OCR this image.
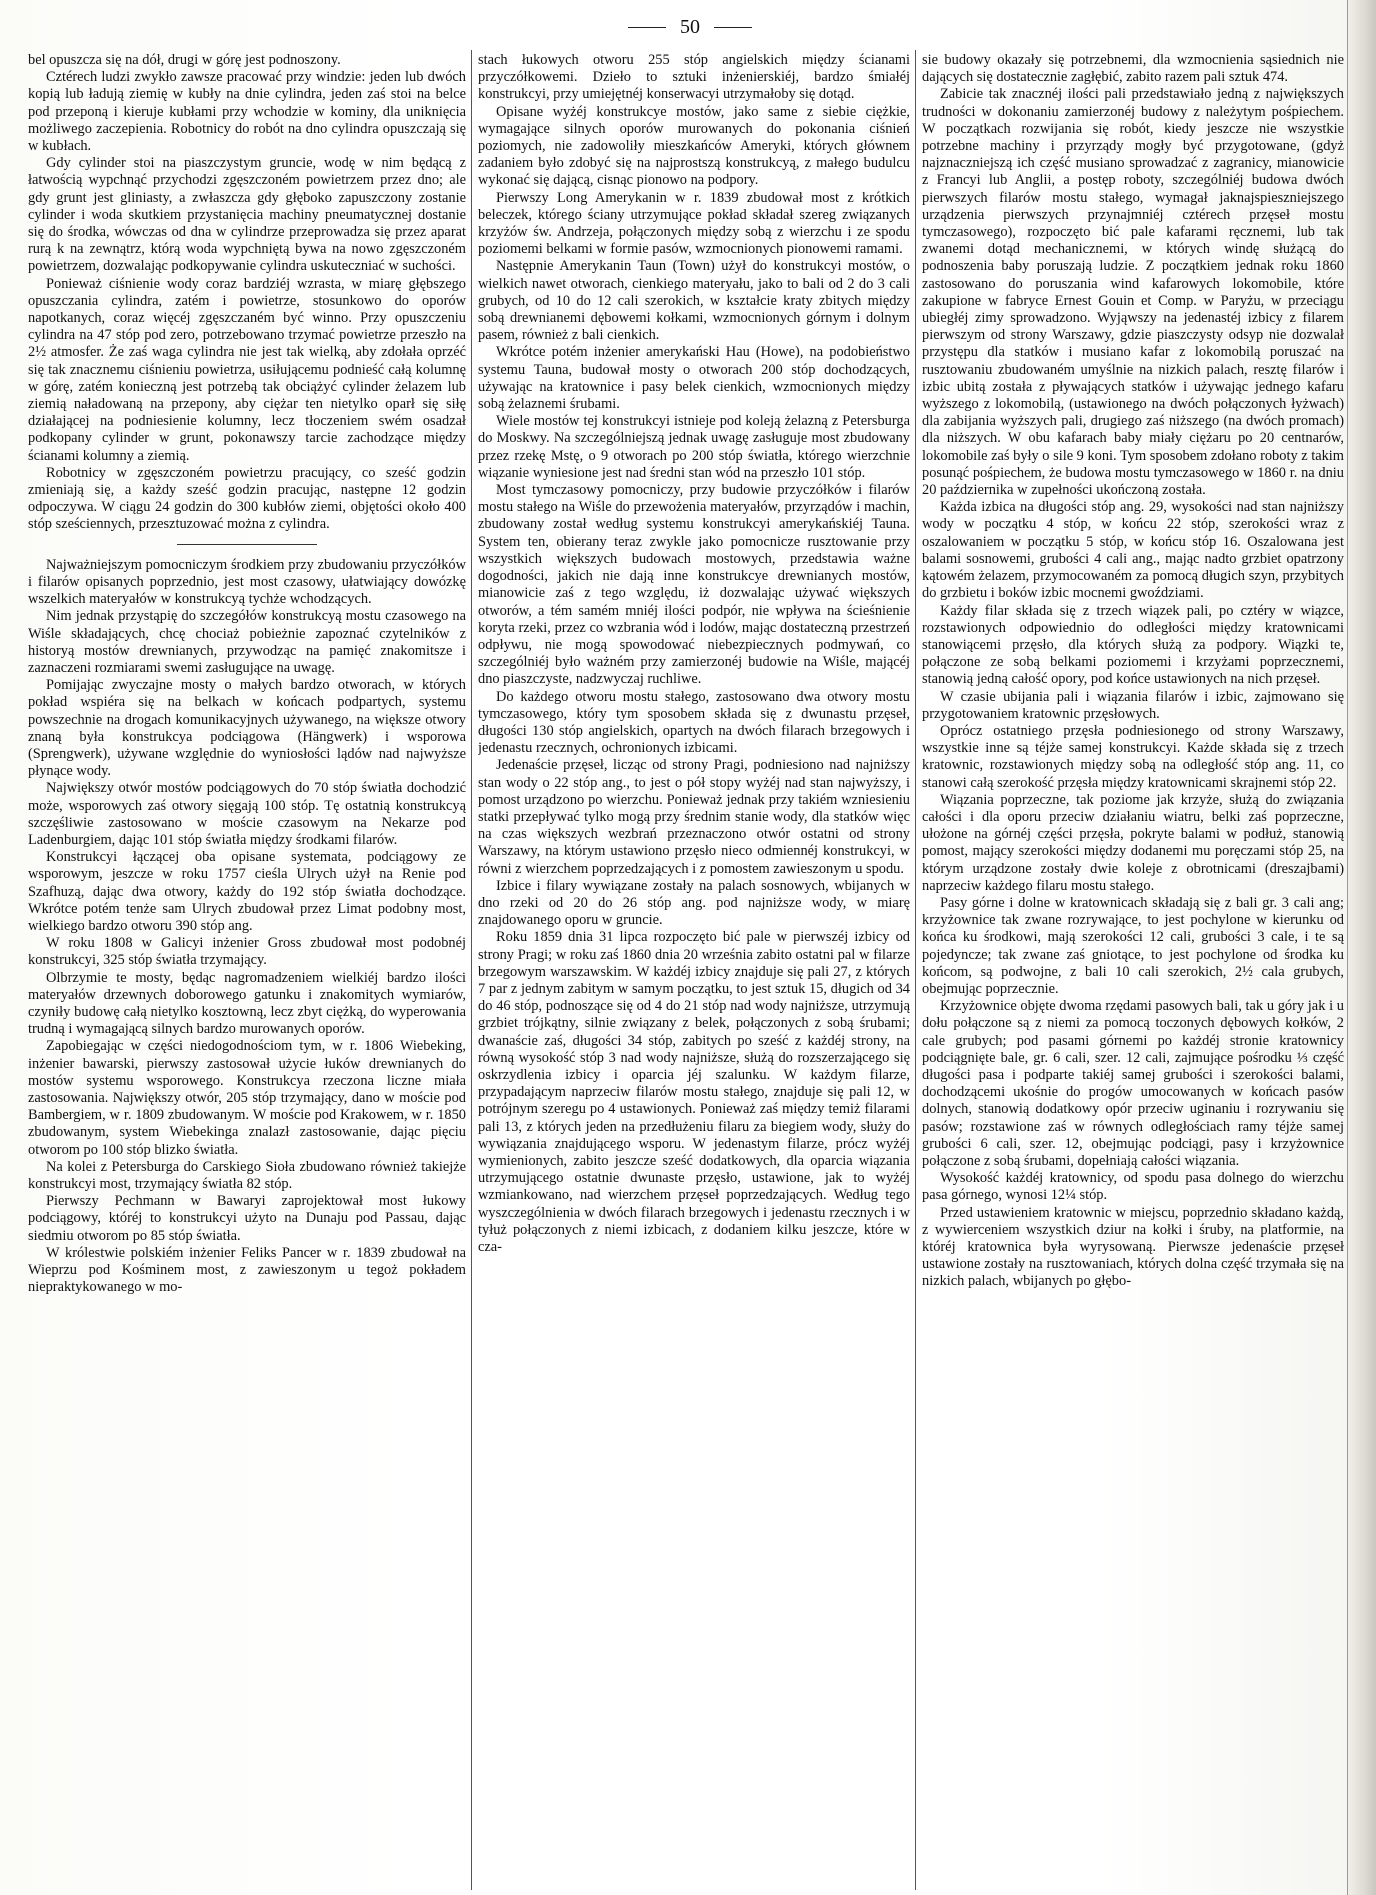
50

bel opuszcza się na dół, drugi w górę jest podnoszony.

Cztérech ludzi zwykło zawsze pracować przy windzie: jeden lub dwóch kopią lub ładują ziemię w kubły na dnie cylindra, jeden zaś stoi na belce pod przeponą i kieruje kubłami przy wchodzie w kominy, dla uniknięcia możliwego zaczepienia. Robotnicy do robót na dno cylindra opuszczają się w kubłach.

Gdy cylinder stoi na piaszczystym gruncie, wodę w nim będącą z łatwością wypchnąć przychodzi zgęszczoném powietrzem przez dno; ale gdy grunt jest gliniasty, a zwłaszcza gdy głęboko zapuszczony zostanie cylinder i woda skutkiem przystanięcia machiny pneumatycznej dostanie się do środka, wówczas od dna w cylindrze przeprowadza się przez aparat rurą k na zewnątrz, którą woda wypchniętą bywa na nowo zgęszczoném powietrzem, dozwalając podkopywanie cylindra uskuteczniać w suchości.

Ponieważ ciśnienie wody coraz bardziéj wzrasta, w miarę głębszego opuszczania cylindra, zatém i powietrze, stosunkowo do oporów napotkanych, coraz więcéj zgęszczaném być winno. Przy opuszczeniu cylindra na 47 stóp pod zero, potrzebowano trzymać powietrze przeszło na 2½ atmosfer. Że zaś waga cylindra nie jest tak wielką, aby zdołała oprzéć się tak znacznemu ciśnieniu powietrza, usiłującemu podnieść całą kolumnę w górę, zatém konieczną jest potrzebą tak obciążyć cylinder żelazem lub ziemią naładowaną na przepony, aby ciężar ten nietylko oparł się siłę działającej na podniesienie kolumny, lecz tłoczeniem swém osadzał podkopany cylinder w grunt, pokonawszy tarcie zachodzące między ścianami kolumny a ziemią.

Robotnicy w zgęszczoném powietrzu pracujący, co sześć godzin zmieniają się, a każdy sześć godzin pracując, następne 12 godzin odpoczywa. W ciągu 24 godzin do 300 kubłów ziemi, objętości około 400 stóp sześciennych, przesztuzować można z cylindra.

Najważniejszym pomocniczym środkiem przy zbudowaniu przyczółków i filarów opisanych poprzednio, jest most czasowy, ułatwiający dowózkę wszelkich materyałów w konstrukcyą tychże wchodzących.

Nim jednak przystąpię do szczegółów konstrukcyą mostu czasowego na Wiśle składających, chcę chociaż pobieżnie zapoznać czytelników z historyą mostów drewnianych, przywodząc na pamięć znakomitsze i zaznaczeni rozmiarami swemi zasługujące na uwagę.

Pomijając zwyczajne mosty o małych bardzo otworach, w których pokład wspiéra się na belkach w końcach podpartych, systemu powszechnie na drogach komunikacyjnych używanego, na większe otwory znaną była konstrukcya podciągowa (Hängwerk) i wsporowa (Sprengwerk), używane względnie do wyniosłości lądów nad najwyższe płynące wody.

Największy otwór mostów podciągowych do 70 stóp światła dochodzić może, wsporowych zaś otwory sięgają 100 stóp. Tę ostatnią konstrukcyą szczęśliwie zastosowano w moście czasowym na Nekarze pod Ladenburgiem, dając 101 stóp światła między środkami filarów.

Konstrukcyi łączącej oba opisane systemata, podciągowy ze wsporowym, jeszcze w roku 1757 cieśla Ulrych użył na Renie pod Szafhuzą, dając dwa otwory, każdy do 192 stóp światła dochodzące. Wkrótce potém tenże sam Ulrych zbudował przez Limat podobny most, wielkiego bardzo otworu 390 stóp ang.

W roku 1808 w Galicyi inżenier Gross zbudował most podobnéj konstrukcyi, 325 stóp światła trzymający.

Olbrzymie te mosty, będąc nagromadzeniem wielkiéj bardzo ilości materyałów drzewnych doborowego gatunku i znakomitych wymiarów, czyniły budowę całą nietylko kosztowną, lecz zbyt ciężką, do wyperowania trudną i wymagającą silnych bardzo murowanych oporów.

Zapobiegając w części niedogodnościom tym, w r. 1806 Wiebeking, inżenier bawarski, pierwszy zastosował użycie łuków drewnianych do mostów systemu wsporowego. Konstrukcya rzeczona liczne miała zastosowania. Największy otwór, 205 stóp trzymający, dano w moście pod Bambergiem, w r. 1809 zbudowanym. W moście pod Krakowem, w r. 1850 zbudowanym, system Wiebekinga znalazł zastosowanie, dając pięciu otworom po 100 stóp blizko światła.

Na kolei z Petersburga do Carskiego Sioła zbudowano również takiejże konstrukcyi most, trzymający światła 82 stóp.

Pierwszy Pechmann w Bawaryi zaprojektował most łukowy podciągowy, któréj to konstrukcyi użyto na Dunaju pod Passau, dając siedmiu otworom po 85 stóp światła.

W królestwie polskiém inżenier Feliks Pancer w r. 1839 zbudował na Wieprzu pod Kośminem most, z zawieszonym u tegoż pokładem niepraktykowanego w mo-

stach łukowych otworu 255 stóp angielskich między ścianami przyczółkowemi. Dzieło to sztuki inżenierskiéj, bardzo śmiałéj konstrukcyi, przy umiejętnéj konserwacyi utrzymałoby się dotąd.

Opisane wyżéj konstrukcye mostów, jako same z siebie ciężkie, wymagające silnych oporów murowanych do pokonania ciśnień poziomych, nie zadowoliły mieszkańców Ameryki, których głównem zadaniem było zdobyć się na najprostszą konstrukcyą, z małego budulcu wykonać się dającą, cisnąc pionowo na podpory.

Pierwszy Long Amerykanin w r. 1839 zbudował most z krótkich beleczek, którego ściany utrzymujące pokład składał szereg związanych krzyżów św. Andrzeja, połączonych między sobą z wierzchu i ze spodu poziomemi belkami w formie pasów, wzmocnionych pionowemi ramami.

Następnie Amerykanin Taun (Town) użył do konstrukcyi mostów, o wielkich nawet otworach, cienkiego materyału, jako to bali od 2 do 3 cali grubych, od 10 do 12 cali szerokich, w kształcie kraty zbitych między sobą drewnianemi dębowemi kołkami, wzmocnionych górnym i dolnym pasem, również z bali cienkich.

Wkrótce potém inżenier amerykański Hau (Howe), na podobieństwo systemu Tauna, budował mosty o otworach 200 stóp dochodzących, używając na kratownice i pasy belek cienkich, wzmocnionych między sobą żelaznemi śrubami.

Wiele mostów tej konstrukcyi istnieje pod koleją żelazną z Petersburga do Moskwy. Na szczególniejszą jednak uwagę zasługuje most zbudowany przez rzekę Mstę, o 9 otworach po 200 stóp światła, którego wierzchnie wiązanie wyniesione jest nad średni stan wód na przeszło 101 stóp.

Most tymczasowy pomocniczy, przy budowie przyczółków i filarów mostu stałego na Wiśle do przewożenia materyałów, przyrządów i machin, zbudowany został według systemu konstrukcyi amerykańskiéj Tauna. System ten, obierany teraz zwykle jako pomocnicze rusztowanie przy wszystkich większych budowach mostowych, przedstawia ważne dogodności, jakich nie dają inne konstrukcye drewnianych mostów, mianowicie zaś z tego względu, iż dozwalając używać większych otworów, a tém samém mniéj ilości podpór, nie wpływa na ścieśnienie koryta rzeki, przez co wzbrania wód i lodów, mając dostateczną przestrzeń odpływu, nie mogą spowodować niebezpiecznych podmywań, co szczególniéj było ważném przy zamierzonéj budowie na Wiśle, mającéj dno piaszczyste, nadzwyczaj ruchliwe.

Do każdego otworu mostu stałego, zastosowano dwa otwory mostu tymczasowego, który tym sposobem składa się z dwunastu przęseł, długości 130 stóp angielskich, opartych na dwóch filarach brzegowych i jedenastu rzecznych, ochronionych izbicami.

Jedenaście przęseł, licząc od strony Pragi, podniesiono nad najniższy stan wody o 22 stóp ang., to jest o pół stopy wyżéj nad stan najwyższy, i pomost urządzono po wierzchu. Ponieważ jednak przy takiém wzniesieniu statki przepływać tylko mogą przy średnim stanie wody, dla statków więc na czas większych wezbrań przeznaczono otwór ostatni od strony Warszawy, na którym ustawiono przęsło nieco odmiennéj konstrukcyi, w równi z wierzchem poprzedzających i z pomostem zawieszonym u spodu.

Izbice i filary wywiązane zostały na palach sosnowych, wbijanych w dno rzeki od 20 do 26 stóp ang. pod najniższe wody, w miarę znajdowanego oporu w gruncie.

Roku 1859 dnia 31 lipca rozpoczęto bić pale w pierwszéj izbicy od strony Pragi; w roku zaś 1860 dnia 20 września zabito ostatni pal w filarze brzegowym warszawskim. W każdéj izbicy znajduje się pali 27, z których 7 par z jednym zabitym w samym początku, to jest sztuk 15, długich od 34 do 46 stóp, podnoszące się od 4 do 21 stóp nad wody najniższe, utrzymują grzbiet trójkątny, silnie związany z belek, połączonych z sobą śrubami; dwanaście zaś, długości 34 stóp, zabitych po sześć z każdéj strony, na równą wysokość stóp 3 nad wody najniższe, służą do rozszerzającego się oskrzydlenia izbicy i oparcia jéj szalunku. W każdym filarze, przypadającym naprzeciw filarów mostu stałego, znajduje się pali 12, w potrójnym szeregu po 4 ustawionych. Ponieważ zaś między temiż filarami pali 13, z których jeden na przedłużeniu filaru za biegiem wody, służy do wywiązania znajdującego wsporu. W jedenastym filarze, prócz wyżéj wymienionych, zabito jeszcze sześć dodatkowych, dla oparcia wiązania utrzymującego ostatnie dwunaste przęsło, ustawione, jak to wyżéj wzmiankowano, nad wierzchem przęseł poprzedzających. Według tego wyszczególnienia w dwóch filarach brzegowych i jedenastu rzecznych i w tyłuż połączonych z niemi izbicach, z dodaniem kilku jeszcze, które w cza-

sie budowy okazały się potrzebnemi, dla wzmocnienia sąsiednich nie dających się dostatecznie zagłębić, zabito razem pali sztuk 474.

Zabicie tak znacznéj ilości pali przedstawiało jedną z największych trudności w dokonaniu zamierzonéj budowy z należytym pośpiechem. W początkach rozwijania się robót, kiedy jeszcze nie wszystkie potrzebne machiny i przyrządy mogły być przygotowane, (gdyż najznaczniejszą ich część musiano sprowadzać z zagranicy, mianowicie z Francyi lub Anglii, a postęp roboty, szczególniéj budowa dwóch pierwszych filarów mostu stałego, wymagał jaknajspieszniejszego urządzenia pierwszych przynajmniéj cztérech przęseł mostu tymczasowego), rozpoczęto bić pale kafarami ręcznemi, lub tak zwanemi dotąd mechanicznemi, w których windę służącą do podnoszenia baby poruszają ludzie. Z początkiem jednak roku 1860 zastosowano do poruszania wind kafarowych lokomobile, które zakupione w fabryce Ernest Gouin et Comp. w Paryżu, w przeciągu ubiegłéj zimy sprowadzono. Wyjąwszy na jedenastéj izbicy z filarem pierwszym od strony Warszawy, gdzie piaszczysty odsyp nie dozwalał przystępu dla statków i musiano kafar z lokomobilą poruszać na rusztowaniu zbudowaném umyślnie na nizkich palach, resztę filarów i izbic ubitą została z pływających statków i używając jednego kafaru wyższego z lokomobilą, (ustawionego na dwóch połączonych łyżwach) dla zabijania wyższych pali, drugiego zaś niższego (na dwóch promach) dla niższych. W obu kafarach baby miały ciężaru po 20 centnarów, lokomobile zaś były o sile 9 koni. Tym sposobem zdołano roboty z takim posunąć pośpiechem, że budowa mostu tymczasowego w 1860 r. na dniu 20 października w zupełności ukończoną została.

Każda izbica na długości stóp ang. 29, wysokości nad stan najniższy wody w początku 4 stóp, w końcu 22 stóp, szerokości wraz z oszalowaniem w początku 5 stóp, w końcu stóp 16. Oszalowana jest balami sosnowemi, grubości 4 cali ang., mając nadto grzbiet opatrzony kątowém żelazem, przymocowaném za pomocą długich szyn, przybitych do grzbietu i boków izbic mocnemi gwoździami.

Każdy filar składa się z trzech wiązek pali, po cztéry w wiązce, rozstawionych odpowiednio do odległości między kratownicami stanowiącemi przęsło, dla których służą za podpory. Wiązki te, połączone ze sobą belkami poziomemi i krzyżami poprzecznemi, stanowią jedną całość opory, pod końce ustawionych na nich przęseł.

W czasie ubijania pali i wiązania filarów i izbic, zajmowano się przygotowaniem kratownic przęsłowych.

Oprócz ostatniego przęsła podniesionego od strony Warszawy, wszystkie inne są téjże samej konstrukcyi. Każde składa się z trzech kratownic, rozstawionych między sobą na odległość stóp ang. 11, co stanowi całą szerokość przęsła między kratownicami skrajnemi stóp 22.

Wiązania poprzeczne, tak poziome jak krzyże, służą do związania całości i dla oporu przeciw działaniu wiatru, belki zaś poprzeczne, ułożone na górnéj części przęsła, pokryte balami w podłuż, stanowią pomost, mający szerokości między dodanemi mu poręczami stóp 25, na którym urządzone zostały dwie koleje z obrotnicami (dreszajbami) naprzeciw każdego filaru mostu stałego.

Pasy górne i dolne w kratownicach składają się z bali gr. 3 cali ang; krzyżownice tak zwane rozrywające, to jest pochylone w kierunku od końca ku środkowi, mają szerokości 12 cali, grubości 3 cale, i te są pojedyncze; tak zwane zaś gniotące, to jest pochylone od środka ku końcom, są podwojne, z bali 10 cali szerokich, 2½ cala grubych, obejmując poprzecznie.

Krzyżownice objęte dwoma rzędami pasowych bali, tak u góry jak i u dołu połączone są z niemi za pomocą toczonych dębowych kołków, 2 cale grubych; pod pasami górnemi po każdéj stronie kratownicy podciągnięte bale, gr. 6 cali, szer. 12 cali, zajmujące pośrodku ⅓ część długości pasa i podparte takiéj samej grubości i szerokości balami, dochodzącemi ukośnie do progów umocowanych w końcach pasów dolnych, stanowią dodatkowy opór przeciw uginaniu i rozrywaniu się pasów; rozstawione zaś w równych odległościach ramy téjże samej grubości 6 cali, szer. 12, obejmując podciągi, pasy i krzyżownice połączone z sobą śrubami, dopełniają całości wiązania.

Wysokość każdéj kratownicy, od spodu pasa dolnego do wierzchu pasa górnego, wynosi 12¼ stóp.

Przed ustawieniem kratownic w miejscu, poprzednio składano każdą, z wywierceniem wszystkich dziur na kołki i śruby, na platformie, na któréj kratownica była wyrysowaną. Pierwsze jedenaście przęseł ustawione zostały na rusztowaniach, których dolna część trzymała się na nizkich palach, wbijanych po głębo-
